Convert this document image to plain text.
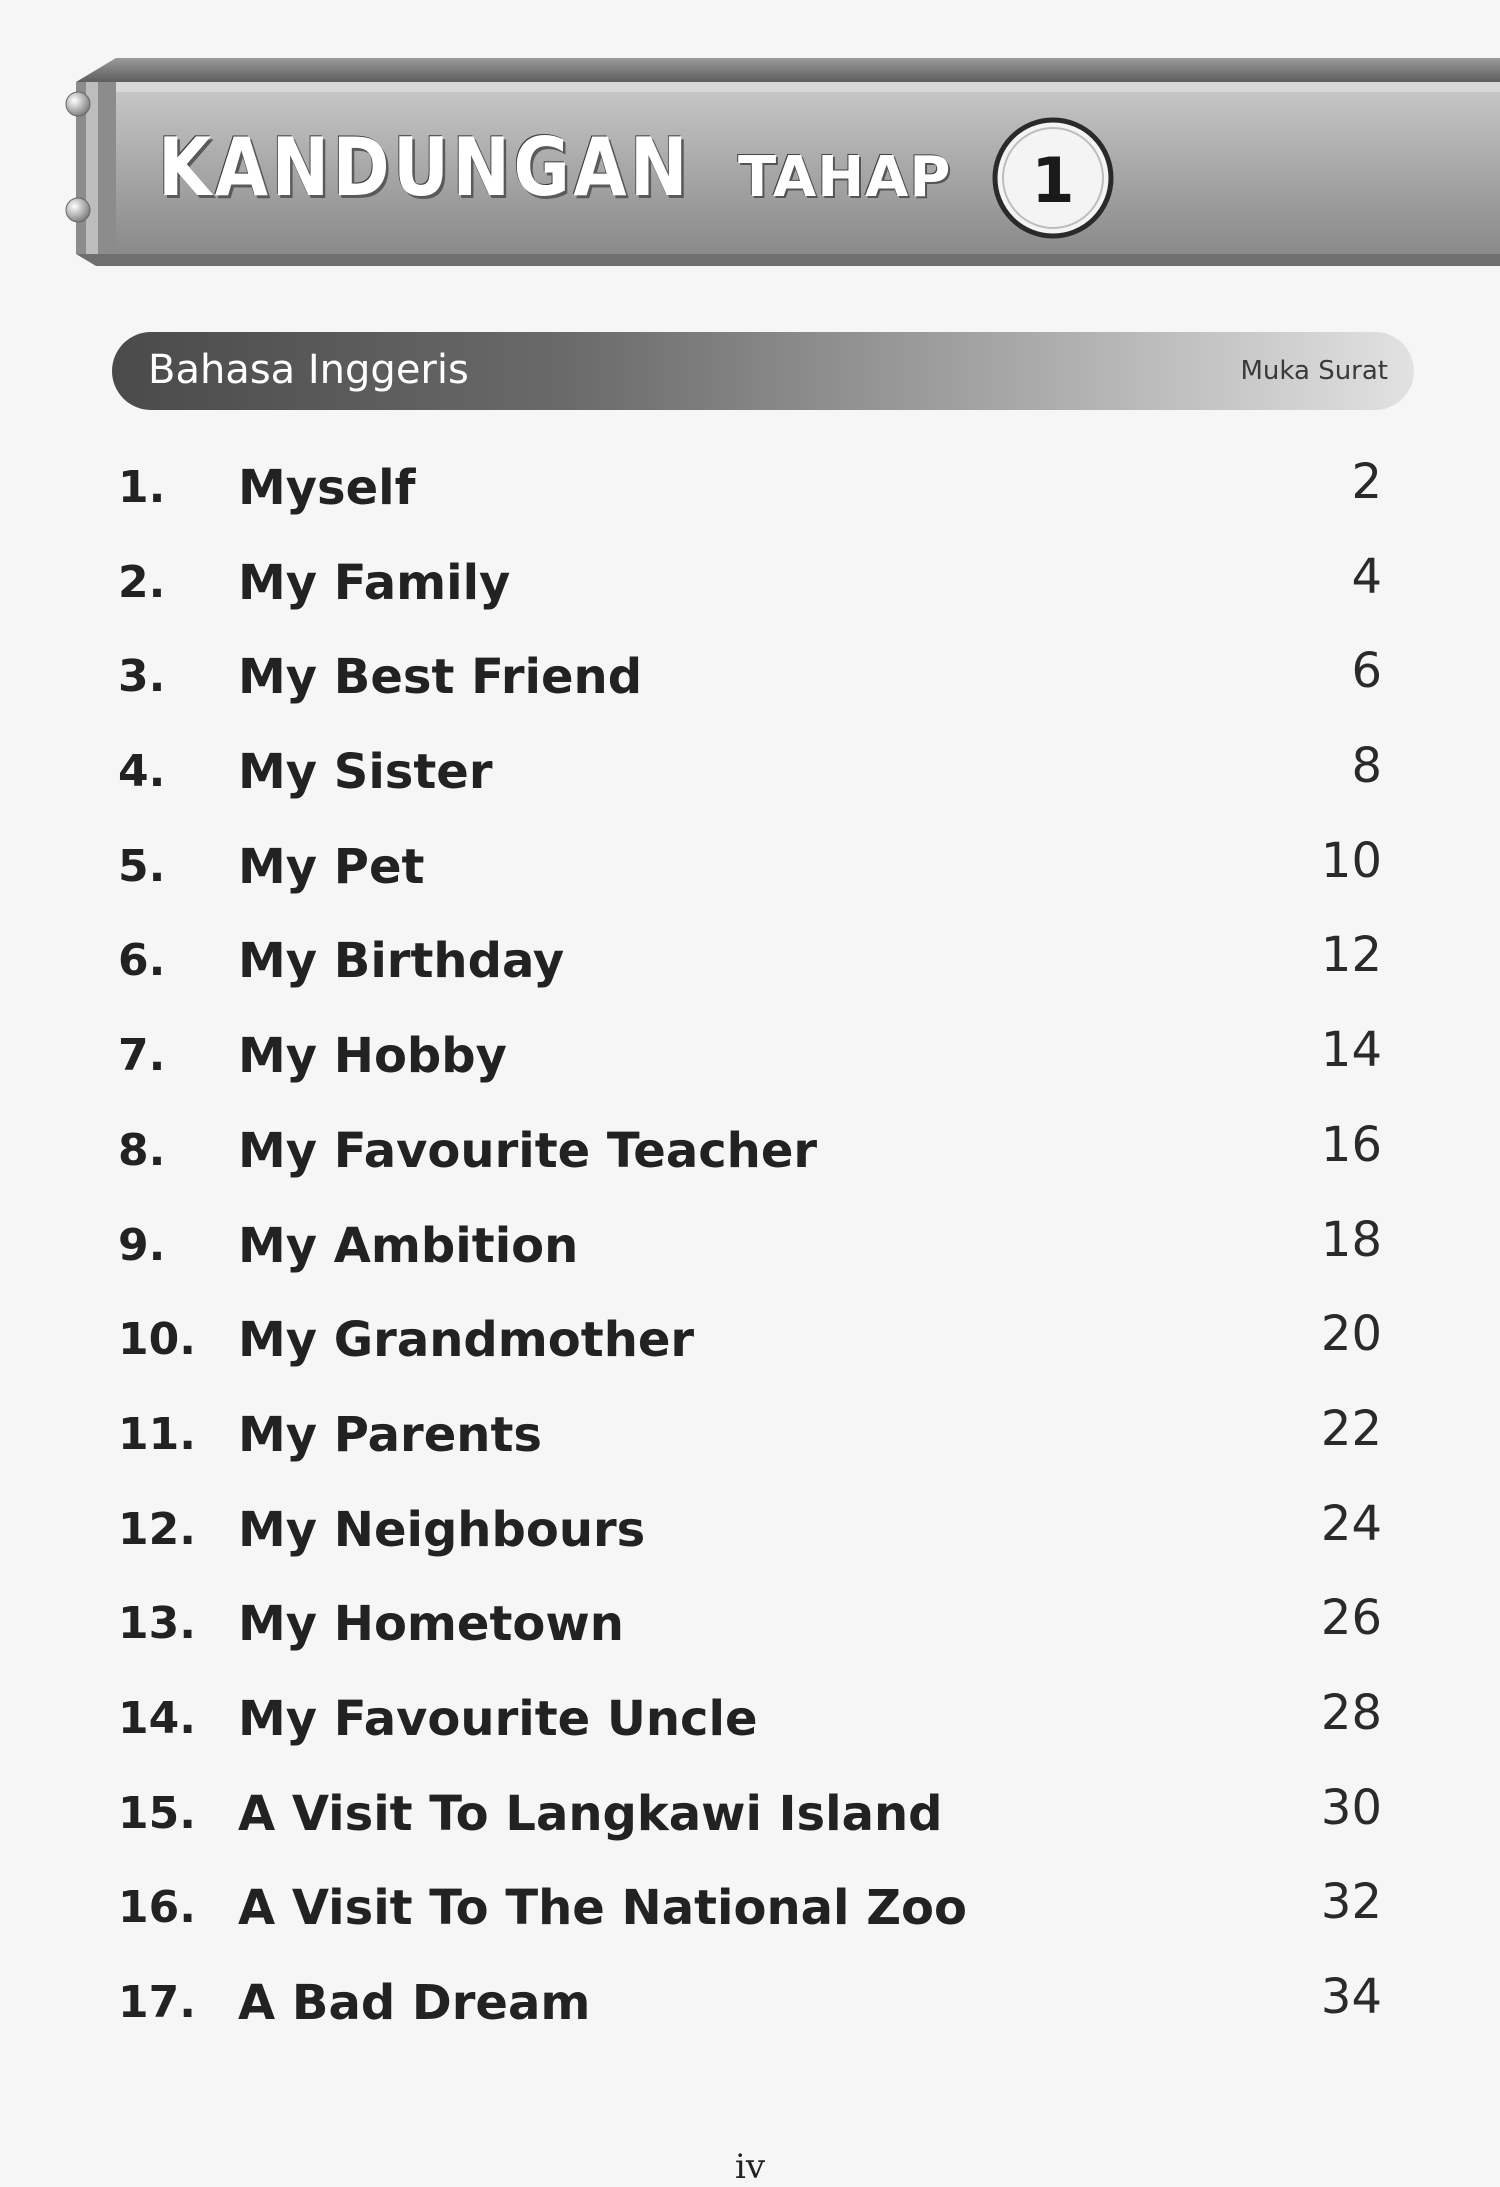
KANDUNGAN TAHAP 1
Bahasa Inggeris	Muka Surat
1. Myself	2
2. My Family	4
3. My Best Friend	6
4. My Sister	8
5. My Pet	10
6. My Birthday	12
7. My Hobby	14
8. My Favourite Teacher	16
9. My Ambition	18
10. My Grandmother	20
11. My Parents	22
12. My Neighbours	24
13. My Hometown	26
14. My Favourite Uncle	28
15. A Visit To Langkawi Island	30
16. A Visit To The National Zoo	32
17. A Bad Dream	34
iv
